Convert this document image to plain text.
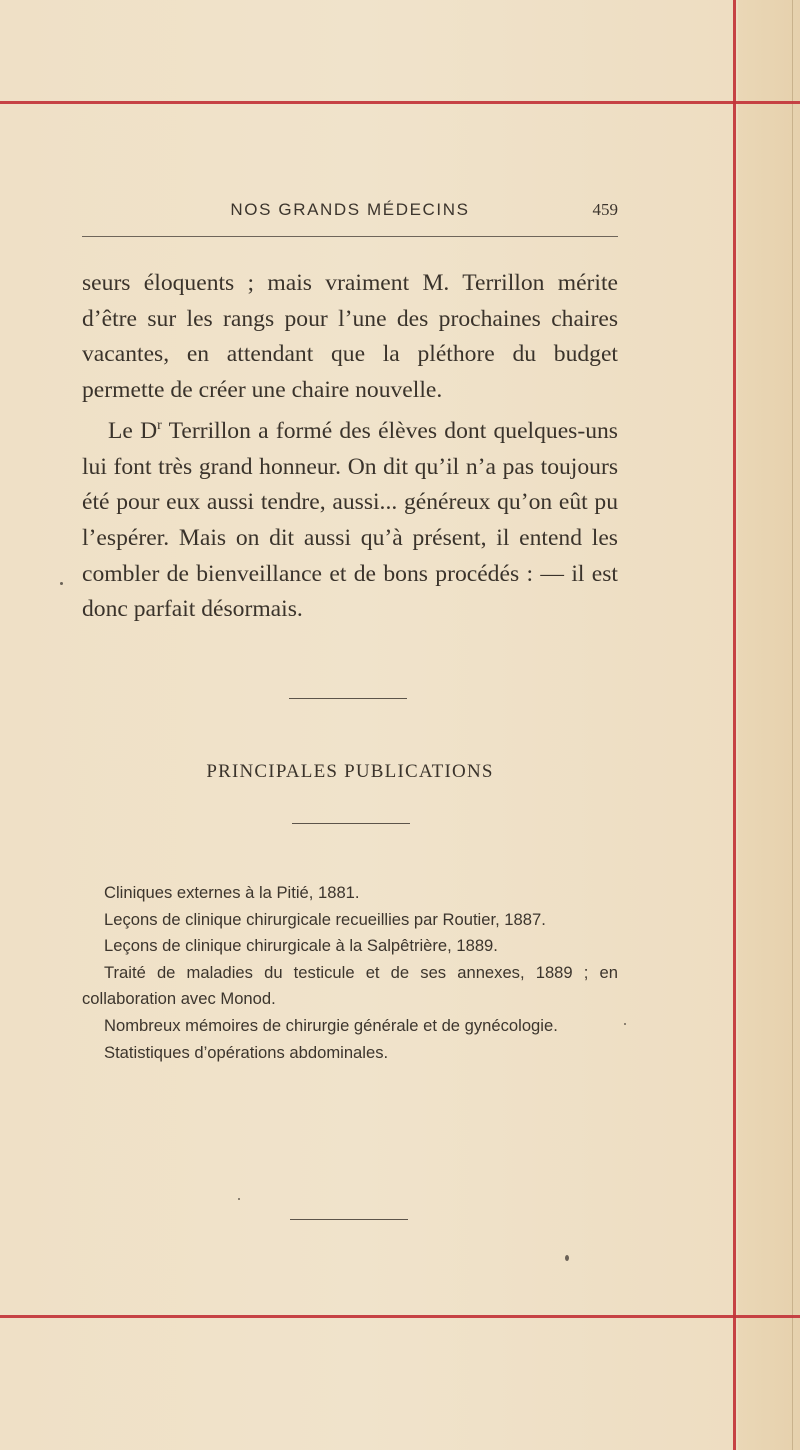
NOS GRANDS MÉDECINS	459

seurs éloquents ; mais vraiment M. Terrillon mérite d’être sur les rangs pour l’une des prochaines chaires vacantes, en attendant que la pléthore du budget permette de créer une chaire nouvelle.

Le $D^r$ Terrillon a formé des élèves dont quelques-uns lui font très grand honneur. On dit qu’il n’a pas toujours été pour eux aussi tendre, aussi... généreux qu’on eût pu l’espérer. Mais on dit aussi qu’à présent, il entend les combler de bienveillance et de bons procédés : — il est donc parfait désormais.

PRINCIPALES PUBLICATIONS

Cliniques externes à la Pitié, 1881.

Leçons de clinique chirurgicale recueillies par Routier, 1887.

Leçons de clinique chirurgicale à la Salpêtrière, 1889.

Traité de maladies du testicule et de ses annexes, 1889 ; en collaboration avec Monod.

Nombreux mémoires de chirurgie générale et de gynécologie.

Statistiques d’opérations abdominales.
